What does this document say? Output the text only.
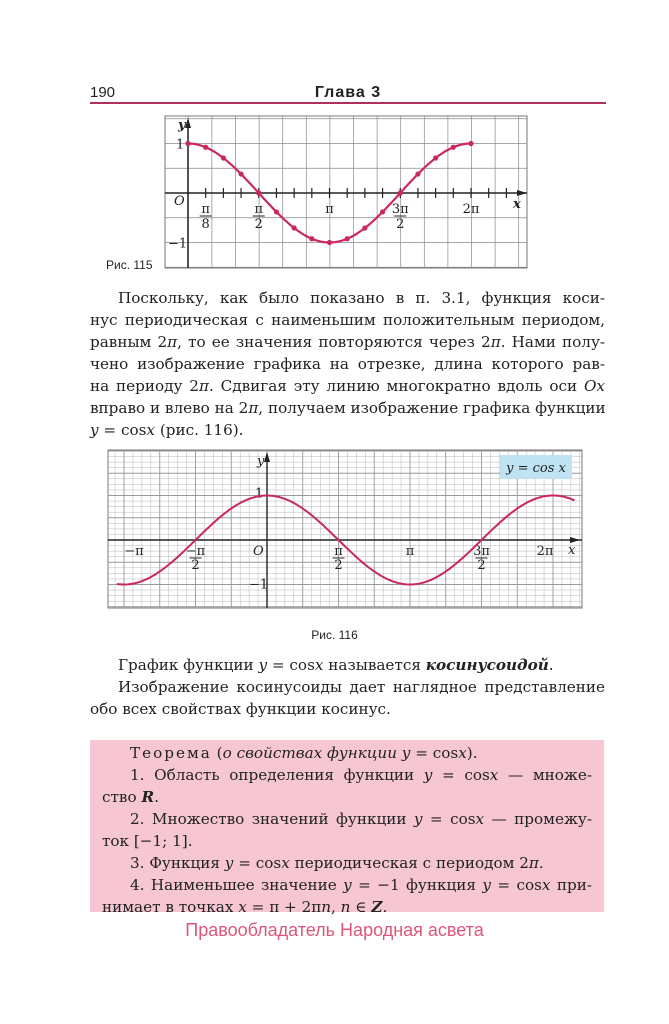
190	Глава 3
y
x
O
1
−1
π
8
π
2
π	3π
2
2π
Рис. 115
Поскольку, как было показано в п. 3.1, функция коси-
нус периодическая с наименьшим положительным периодом,
равным 2π, то ее значения повторяются через 2π. Нами полу-
чено изображение графика на отрезке, длина которого рав-
на периоду 2π. Сдвигая эту линию многократно вдоль оси Ox
вправо и влево на 2π, получаем изображение графика функции
y = cosx (рис. 116).
y = cos x
y
x
O
1
−1
−π	−π
2
π
2
π	3π
2
2π
Рис. 116
График функции y = cosx называется косинусоидой.
Изображение косинусоиды дает наглядное представление
обо всех свойствах функции косинус.
Теорема (о свойствах функции y = cosx).
1. Область определения функции y = cosx — множе-
ство R.
2. Множество значений функции y = cosx — промежу-
ток [−1; 1].
3. Функция y = cosx периодическая с периодом 2π.
4. Наименьшее значение y = −1 функция y = cosx при-
нимает в точках x = π + 2πn, n ∈ Z.
Правообладатель Народная асвета
